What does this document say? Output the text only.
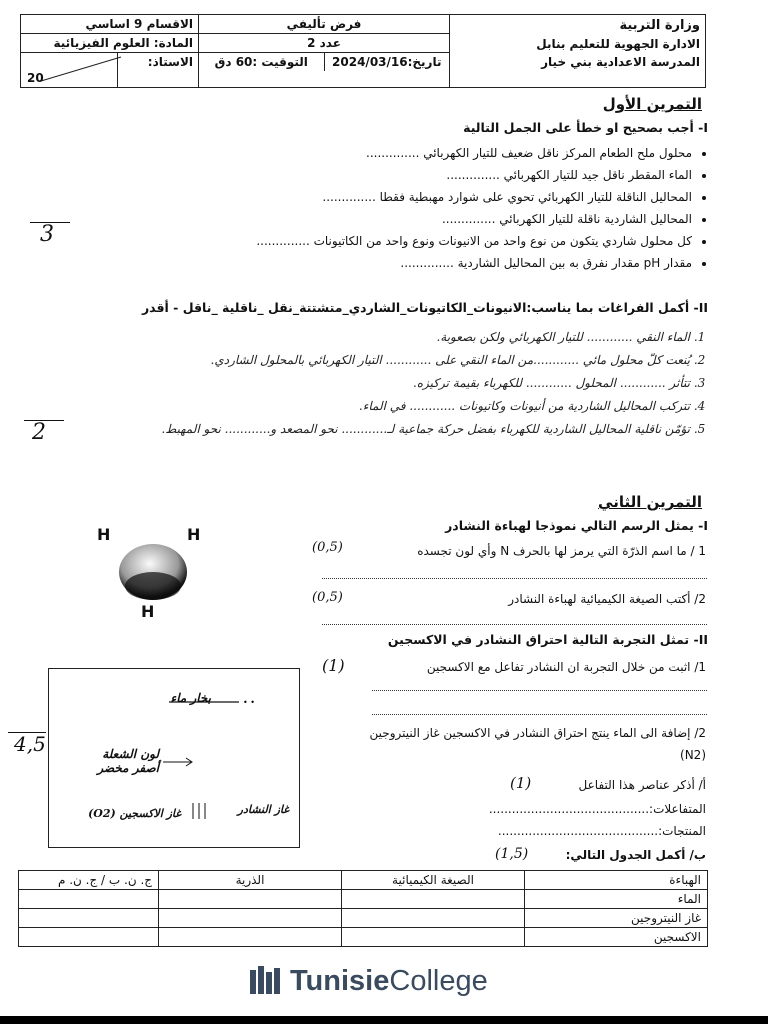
وزارة التربية
الادارة الجهوية للتعليم بنابل
المدرسة الاعدادية بني خيار

فرض تأليفي
عدد 2
تاريخ:2024/03/16
التوقيت :60 دق

الاقسام 9 اساسي
المادة: العلوم الفيزيائية
الاستاذ:
20
التمرين الأول
I- أجب بصحيح او خطأ على الجمل التالية
• محلول ملح الطعام المركز ناقل ضعيف للتيار الكهربائي ..............
• الماء المقطر ناقل جيد للتيار الكهربائي ..............
• المحاليل الناقلة للتيار الكهربائي تحوي على شوارد مهبطية فقطا ..............
• المحاليل الشاردية ناقلة للتيار الكهربائي ..............
• كل محلول شاردي يتكون من نوع واحد من الانيونات ونوع واحد من الكاتيونات ..............
• مقدار pH مقدار نفرق به بين المحاليل الشاردية ..............
3
II- أكمل الفراغات بما يناسب:الانيونات_الكاتيونات_الشاردي_متشتتة_نقل _ناقلية _ناقل - أقدر
1. الماء النقي ............ للتيار الكهربائي ولكن بصعوبة.
2. يُنعت كلّ محلول مائي ............من الماء النقي على ............ التيار الكهربائي بالمحلول الشاردي.
3. تتأثر ............ المحلول ............ للكهرباء بقيمة تركيزه.
4. تتركب المحاليل الشاردية من أنيونات وكاتيونات ............ في الماء.
5. تؤمّن ناقلية المحاليل الشاردية للكهرباء بفضل حركة جماعية لـ............ نحو المصعد و............ نحو المهبط.
2
التمرين الثاني
I- يمثل الرسم التالي نموذجا لهباءة النشادر
H	H
H
1 / ما اسم الذرّة التي يرمز لها بالحرف N وأي لون تجسده
(0,5)
2/ أكتب الصيغة الكيميائية لهباءة النشادر
(0,5)
II- تمثل التجربة التالية احتراق النشادر في الاكسجين
بخار ماء	• •
لون الشعلة أصفر مخضر
غاز الاكسجين (O2)	غاز النشادر
4,5
1/ اثبت من خلال التجربة ان النشادر تفاعل مع الاكسجين
(1)
2/ إضافة الى الماء ينتج احتراق النشادر في الاكسجين غاز النيتروجين (N2)
أ/ أذكر عناصر هذا التفاعل
(1)
المتفاعلات:..........................................
المنتجات:..........................................
ب/ أكمل الجدول التالي:
(1,5)
الهباءة	الصيغة الكيميائية	الذرية	ج. ن. ب / ج. ن. م
الماء			
غاز النيتروجين			
الاكسجين			
TunisieCollege
